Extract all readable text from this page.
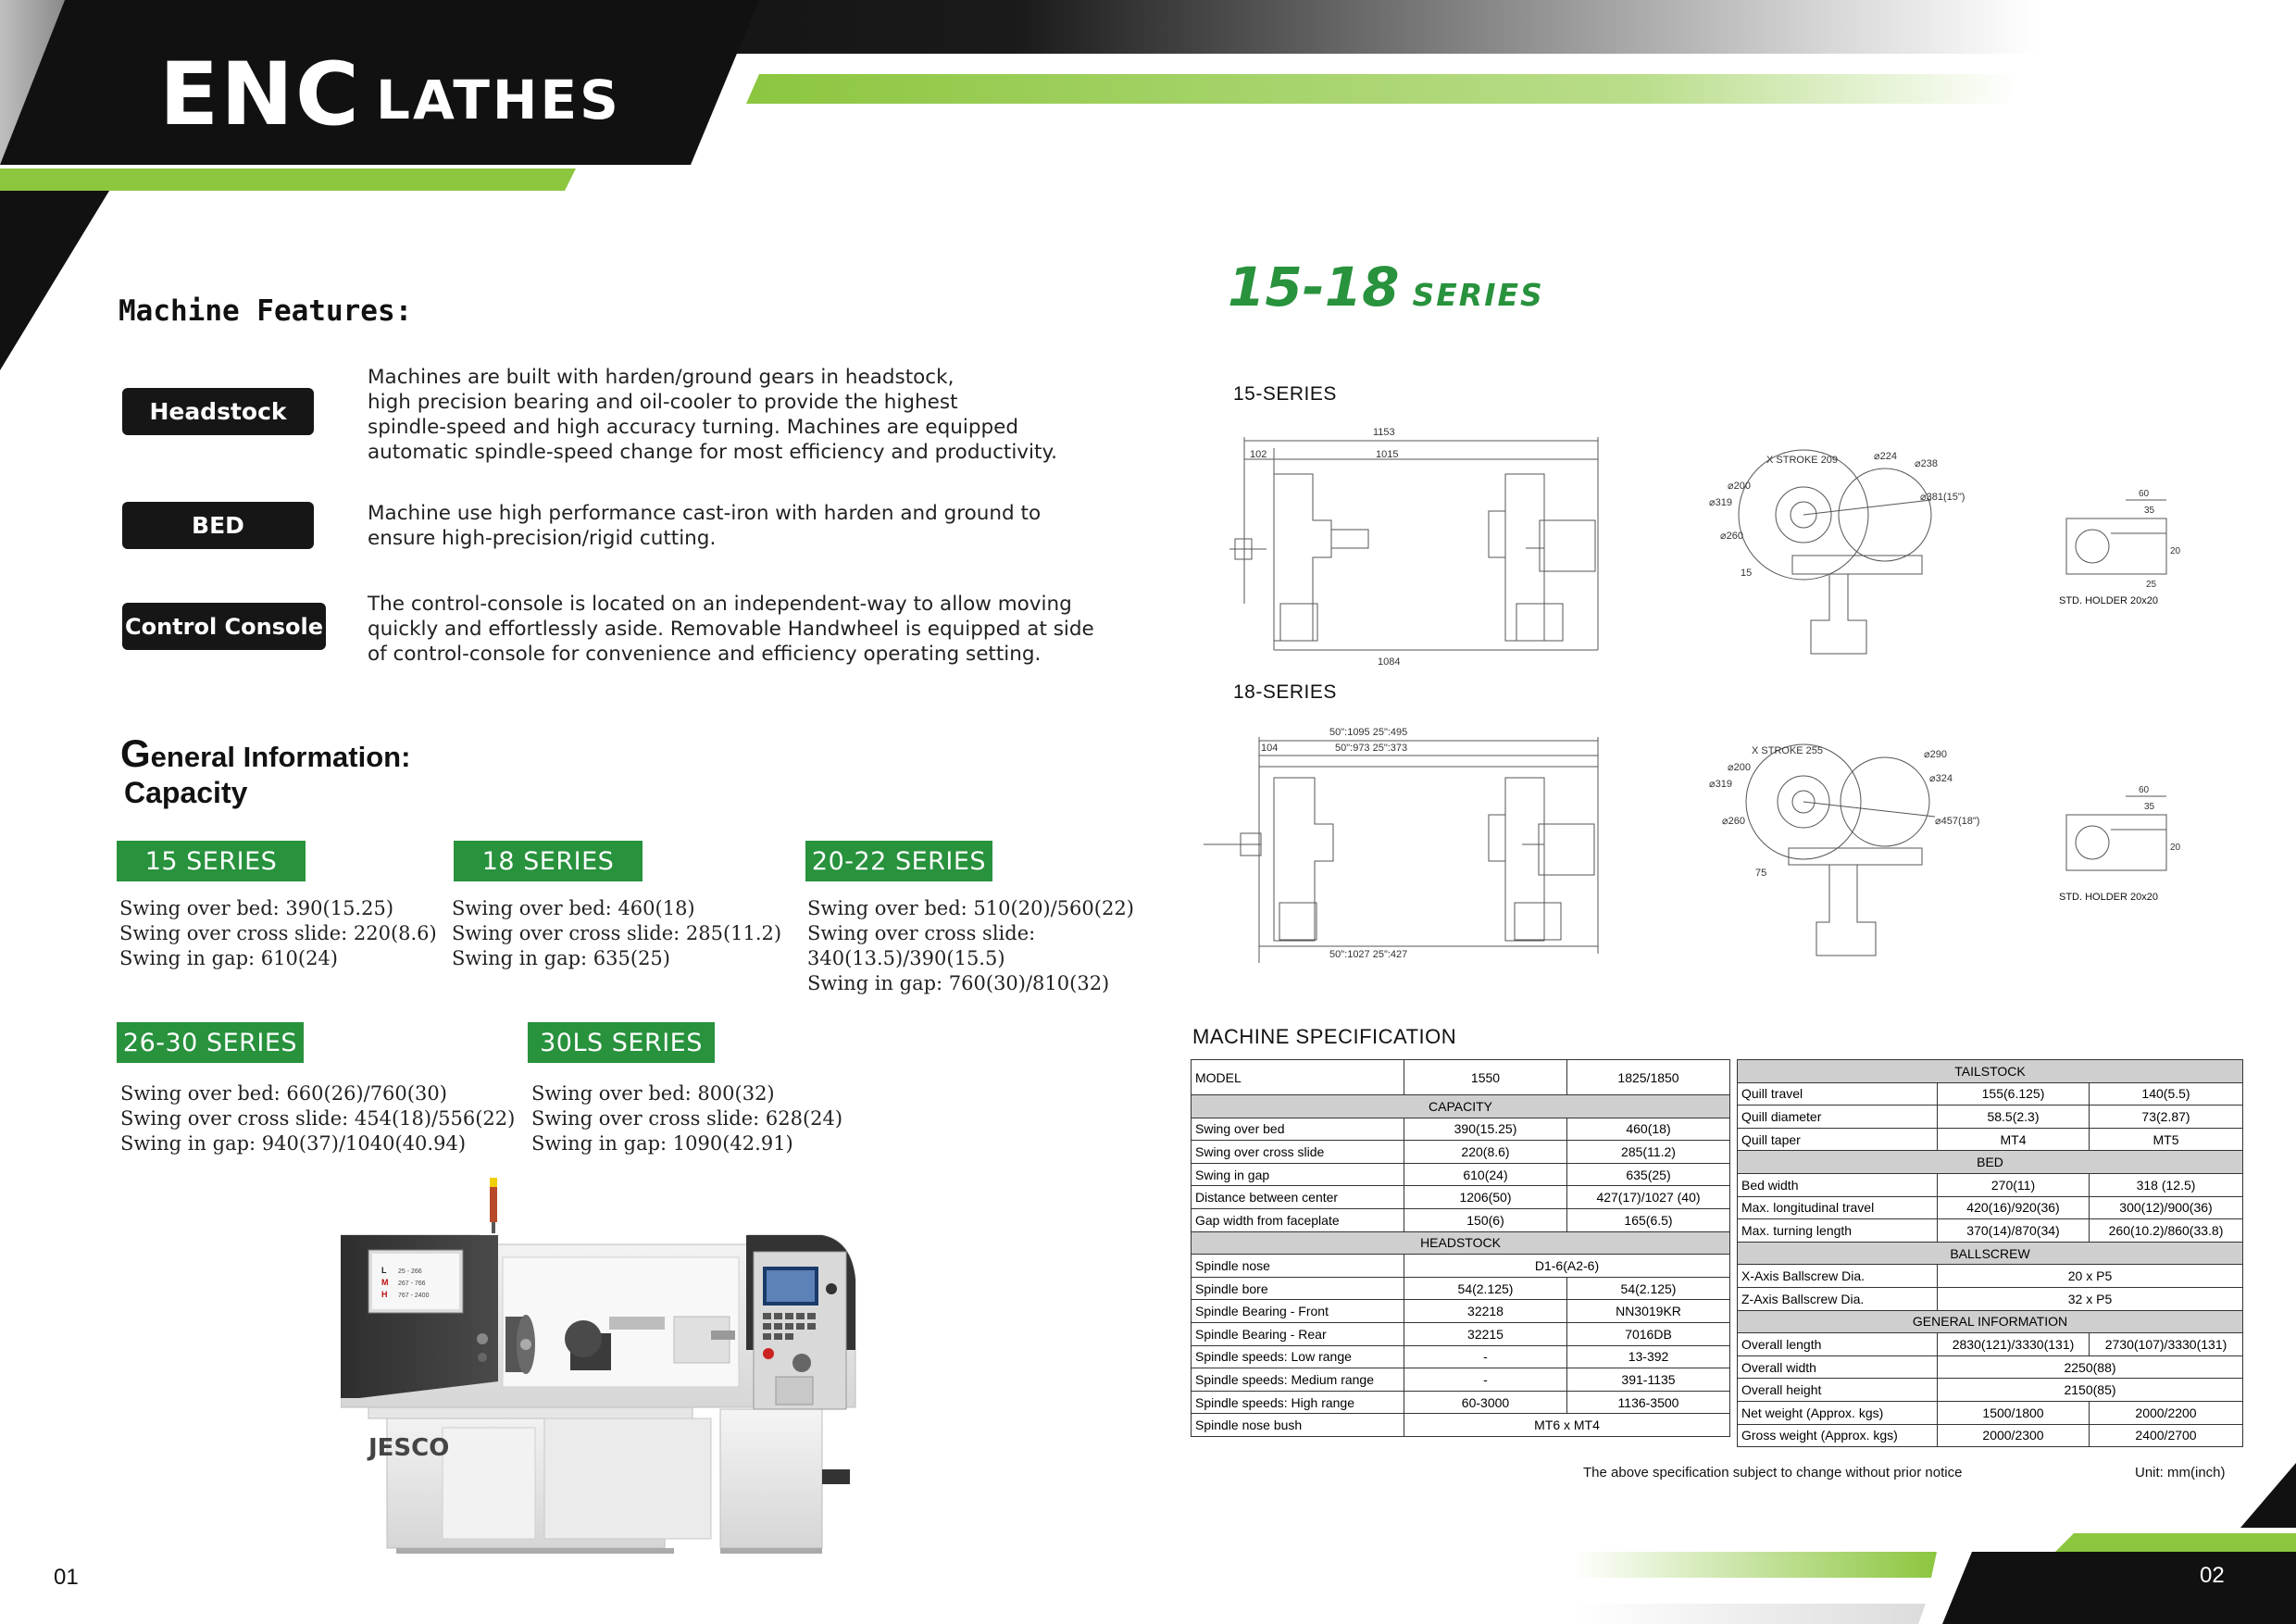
ENC LATHES
Machine Features:
Headstock
Machines are built with harden/ground gears in headstock,
high precision bearing and oil-cooler to provide the highest
spindle-speed and high accuracy turning. Machines are equipped
automatic spindle-speed change for most efficiency and productivity.
BED	Machine use high performance cast-iron with harden and ground to
ensure high-precision/rigid cutting.
Control Console
The control-console is located on an independent-way to allow moving
quickly and effortlessly aside. Removable Handwheel is equipped at side
of control-console for convenience and efficiency operating setting.
General Information:
Capacity
15 SERIES
Swing over bed: 390(15.25)
Swing over cross slide: 220(8.6)
Swing in gap: 610(24)
18 SERIES
Swing over bed: 460(18)
Swing over cross slide: 285(11.2)
Swing in gap: 635(25)
20-22 SERIES
Swing over bed: 510(20)/560(22)
Swing over cross slide:
340(13.5)/390(15.5)
Swing in gap: 760(30)/810(32)
26-30 SERIES
Swing over bed: 660(26)/760(30)
Swing over cross slide: 454(18)/556(22)
Swing in gap: 940(37)/1040(40.94)
30LS SERIES
Swing over bed: 800(32)
Swing over cross slide: 628(24)
Swing in gap: 1090(42.91)
L 25 - 266
M 267 - 766
H 767 - 2400
JESCO
01
15-18 SERIES
15-SERIES
18-SERIES
1153
102	1015
1084
X STROKE 209
⌀200
⌀319
⌀260
⌀224
⌀238
⌀381(15")
15
60
35
20
25
STD. HOLDER 20x20
50":1095 25":495
50":973 25":373
104
50":1027 25":427
X STROKE 255
⌀200
⌀319
⌀260
⌀290
⌀324
⌀457(18")
75
60
35
20
STD. HOLDER 20x20
MACHINE SPECIFICATION
MODEL	1550	1825/1850
CAPACITY		
Swing over bed	390(15.25)	460(18)
Swing over cross slide	220(8.6)	285(11.2)
Swing in gap	610(24)	635(25)
Distance between center	1206(50)	427(17)/1027 (40)
Gap width from faceplate	150(6)	165(6.5)
HEADSTOCK		
Spindle nose	D1-6(A2-6)	
Spindle bore	54(2.125)	54(2.125)
Spindle Bearing - Front	32218	NN3019KR
Spindle Bearing - Rear	32215	7016DB
Spindle speeds: Low range	-	13-392
Spindle speeds: Medium range	-	391-1135
Spindle speeds: High range	60-3000	1136-3500
Spindle nose bush	MT6 x MT4	
TAILSTOCK		
Quill travel	155(6.125)	140(5.5)
Quill diameter	58.5(2.3)	73(2.87)
Quill taper	MT4	MT5
BED		
Bed width	270(11)	318 (12.5)
Max. longitudinal travel	420(16)/920(36)	300(12)/900(36)
Max. turning length	370(14)/870(34)	260(10.2)/860(33.8)
BALLSCREW		
X-Axis Ballscrew Dia.	20 x P5	
Z-Axis Ballscrew Dia.	32 x P5	
GENERAL INFORMATION		
Overall length	2830(121)/3330(131)	2730(107)/3330(131)
Overall width	2250(88)	
Overall height	2150(85)	
Net weight (Approx. kgs)	1500/1800	2000/2200
Gross weight (Approx. kgs)	2000/2300	2400/2700
The above specification subject to change without prior notice	Unit: mm(inch)
02
